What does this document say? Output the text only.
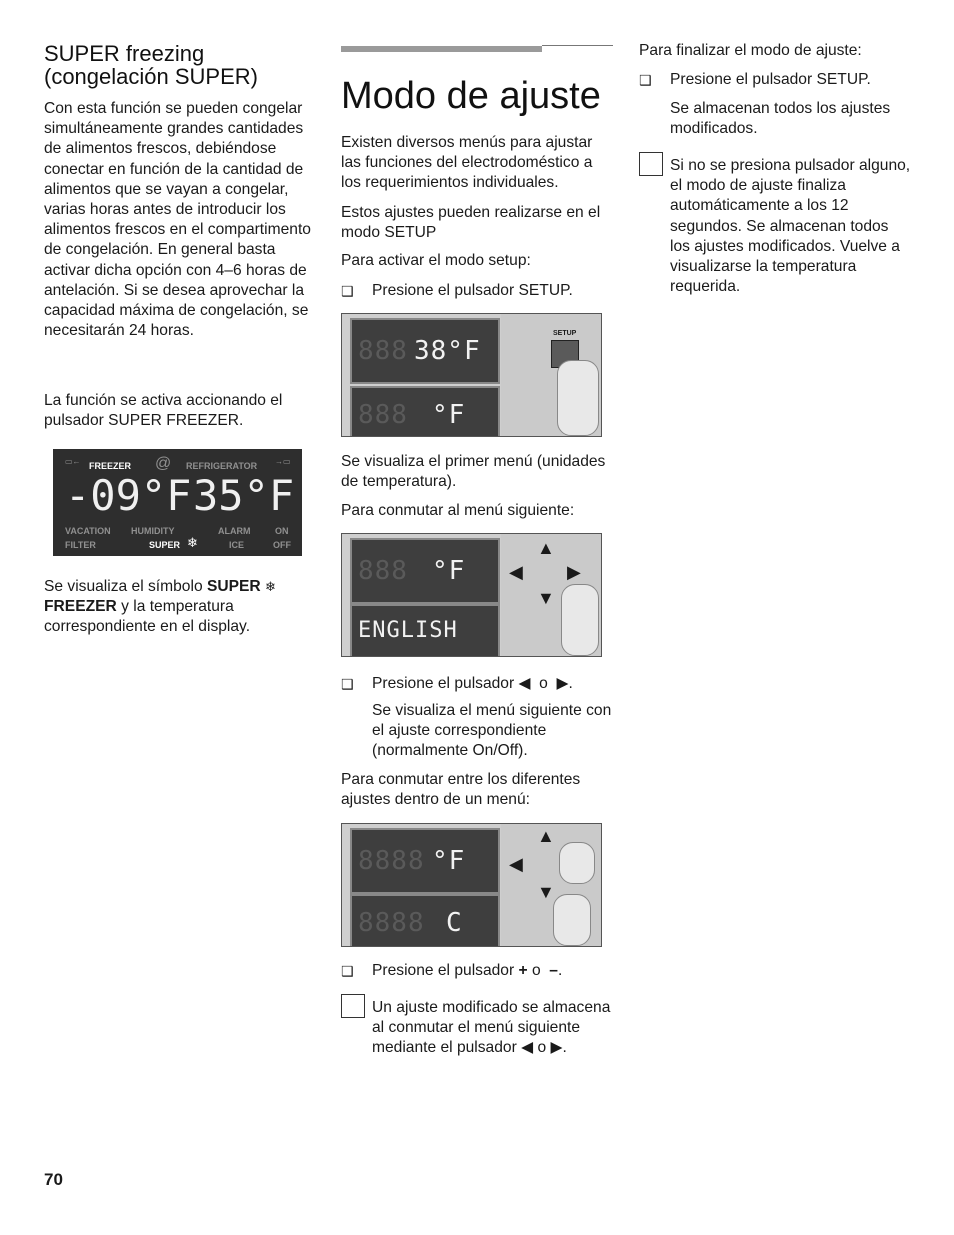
SUPER freezing (congelación SUPER)

Con esta función se pueden congelar simultáneamente grandes cantidades de alimentos frescos, debiéndose conectar en función de la cantidad de alimentos que se vayan a congelar, varias horas antes de introducir los alimentos frescos en el compartimento de congelación. En general basta activar dicha opción con 4–6 horas de antelación. Si se desea aprovechar la capacidad máxima de congelación, se necesitarán 24 horas.

La función se activa accionando el pulsador SUPER FREEZER.

▭← FREEZER @ REFRIGERATOR →▭
-09°F 35°F
VACATION HUMIDITY	ALARM	ON
FILTER	SUPER ❄	ICE	OFF

Se visualiza el símbolo SUPER ❄ FREEZER y la temperatura correspondiente en el display.

Modo de ajuste

Existen diversos menús para ajustar las funciones del electrodoméstico a los requerimientos individuales.

Estos ajustes pueden realizarse en el modo SETUP

Para activar el modo setup:

❑ Presione el pulsador SETUP.

888 38°F
888 °F
SETUP

Se visualiza el primer menú (unidades de temperatura).

Para conmutar al menú siguiente:

888 °F
ENGLISH
▲
◀ ▶
▼
❑ Presione el pulsador ◀ o ▶.

Se visualiza el menú siguiente con el ajuste correspondiente (normalmente On/Off).

Para conmutar entre los diferentes ajustes dentro de un menú:

8888 °F
8888 C
▲
◀
▼
❑ Presione el pulsador + o  –.

Un ajuste modificado se almacena al conmutar el menú siguiente mediante el pulsador ◀ o ▶.

Para finalizar el modo de ajuste:

❑ Presione el pulsador SETUP.

Se almacenan todos los ajustes modificados.

Si no se presiona pulsador alguno, el modo de ajuste finaliza automáticamente a los 12 segundos. Se almacenan todos los ajustes modificados. Vuelve a visualizarse la temperatura requerida.

70
